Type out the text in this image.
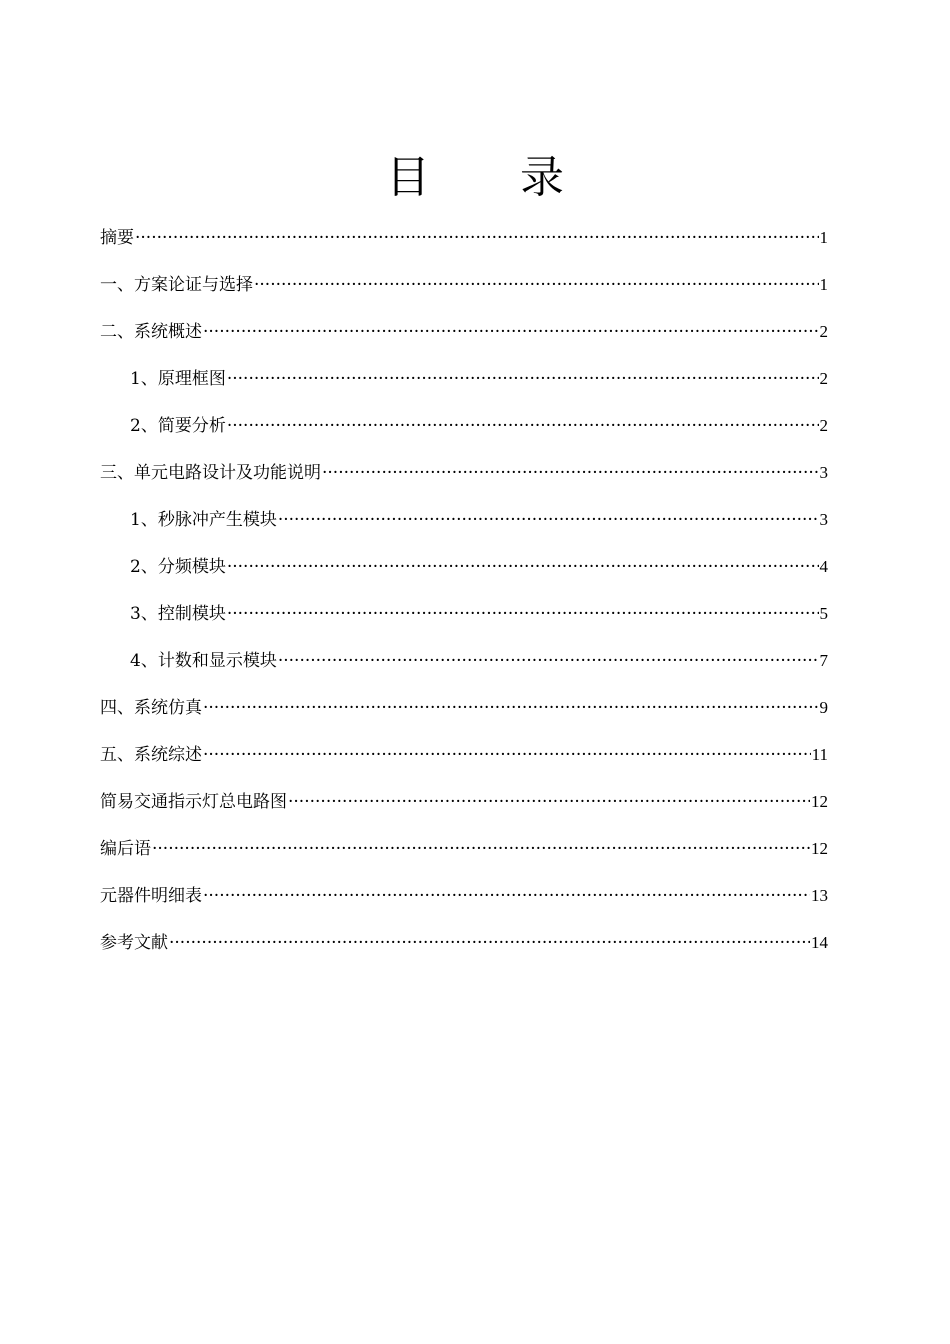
目 录
摘要 ·····	1
一、方案论证与选择 ·····	1
二、系统概述 ·····	2
1、原理框图 ·····	2
2、简要分析 ·····	2
三、单元电路设计及功能说明 ·····	3
1、秒脉冲产生模块 ·····	3
2、分频模块 ·····	4
3、控制模块 ·····	5
4、计数和显示模块 ·····	7
四、系统仿真 ·····	9
五、系统综述 ·····	11
简易交通指示灯总电路图 ·····	12
编后语 ·····	12
元器件明细表 ·····	13
参考文献 ·····	14
